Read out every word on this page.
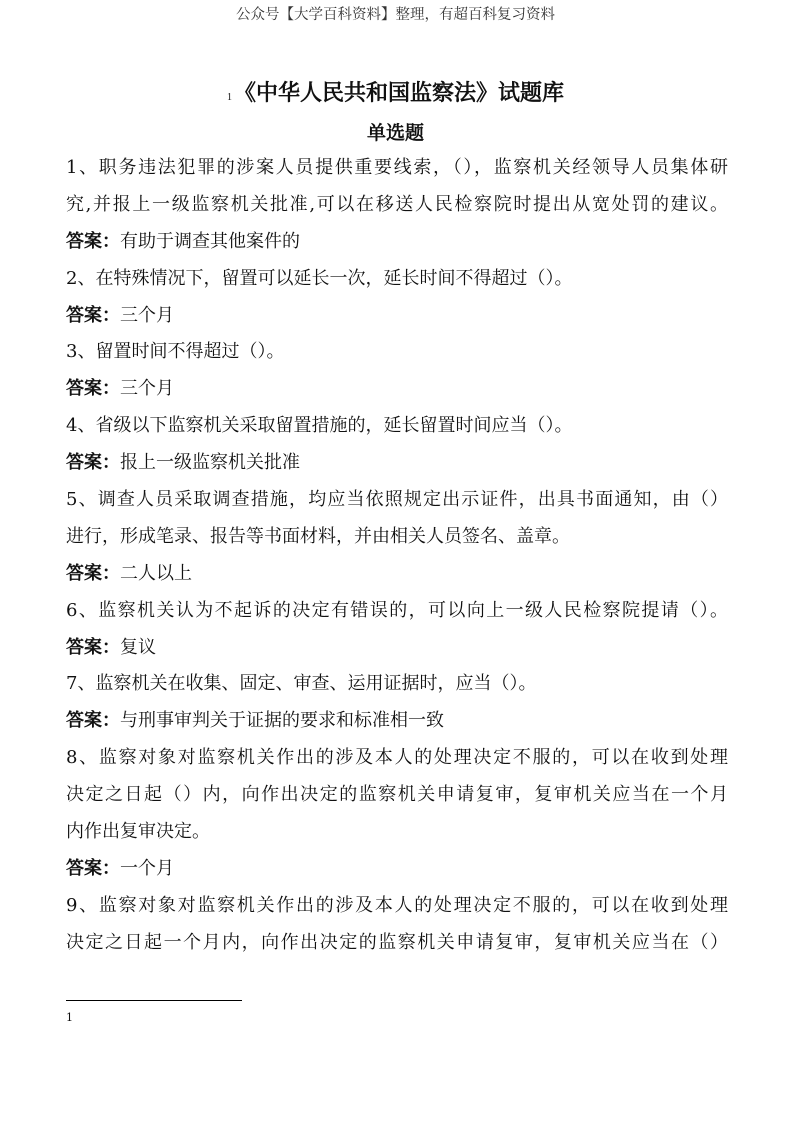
公众号【大学百科资料】整理，有超百科复习资料
1《中华人民共和国监察法》试题库
单选题
1、职务违法犯罪的涉案人员提供重要线索，（），监察机关经领导人员集体研
究,并报上一级监察机关批准,可以在移送人民检察院时提出从宽处罚的建议。
答案：有助于调查其他案件的
2、在特殊情况下，留置可以延长一次，延长时间不得超过（）。
答案：三个月
3、留置时间不得超过（）。
答案：三个月
4、省级以下监察机关采取留置措施的，延长留置时间应当（）。
答案：报上一级监察机关批准
5、调查人员采取调查措施，均应当依照规定出示证件，出具书面通知，由（）
进行，形成笔录、报告等书面材料，并由相关人员签名、盖章。
答案：二人以上
6、监察机关认为不起诉的决定有错误的，可以向上一级人民检察院提请（）。
答案：复议
7、监察机关在收集、固定、审查、运用证据时，应当（）。
答案：与刑事审判关于证据的要求和标准相一致
8、监察对象对监察机关作出的涉及本人的处理决定不服的，可以在收到处理
决定之日起（）内，向作出决定的监察机关申请复审，复审机关应当在一个月
内作出复审决定。
答案：一个月
9、监察对象对监察机关作出的涉及本人的处理决定不服的，可以在收到处理
决定之日起一个月内，向作出决定的监察机关申请复审，复审机关应当在（）
1
